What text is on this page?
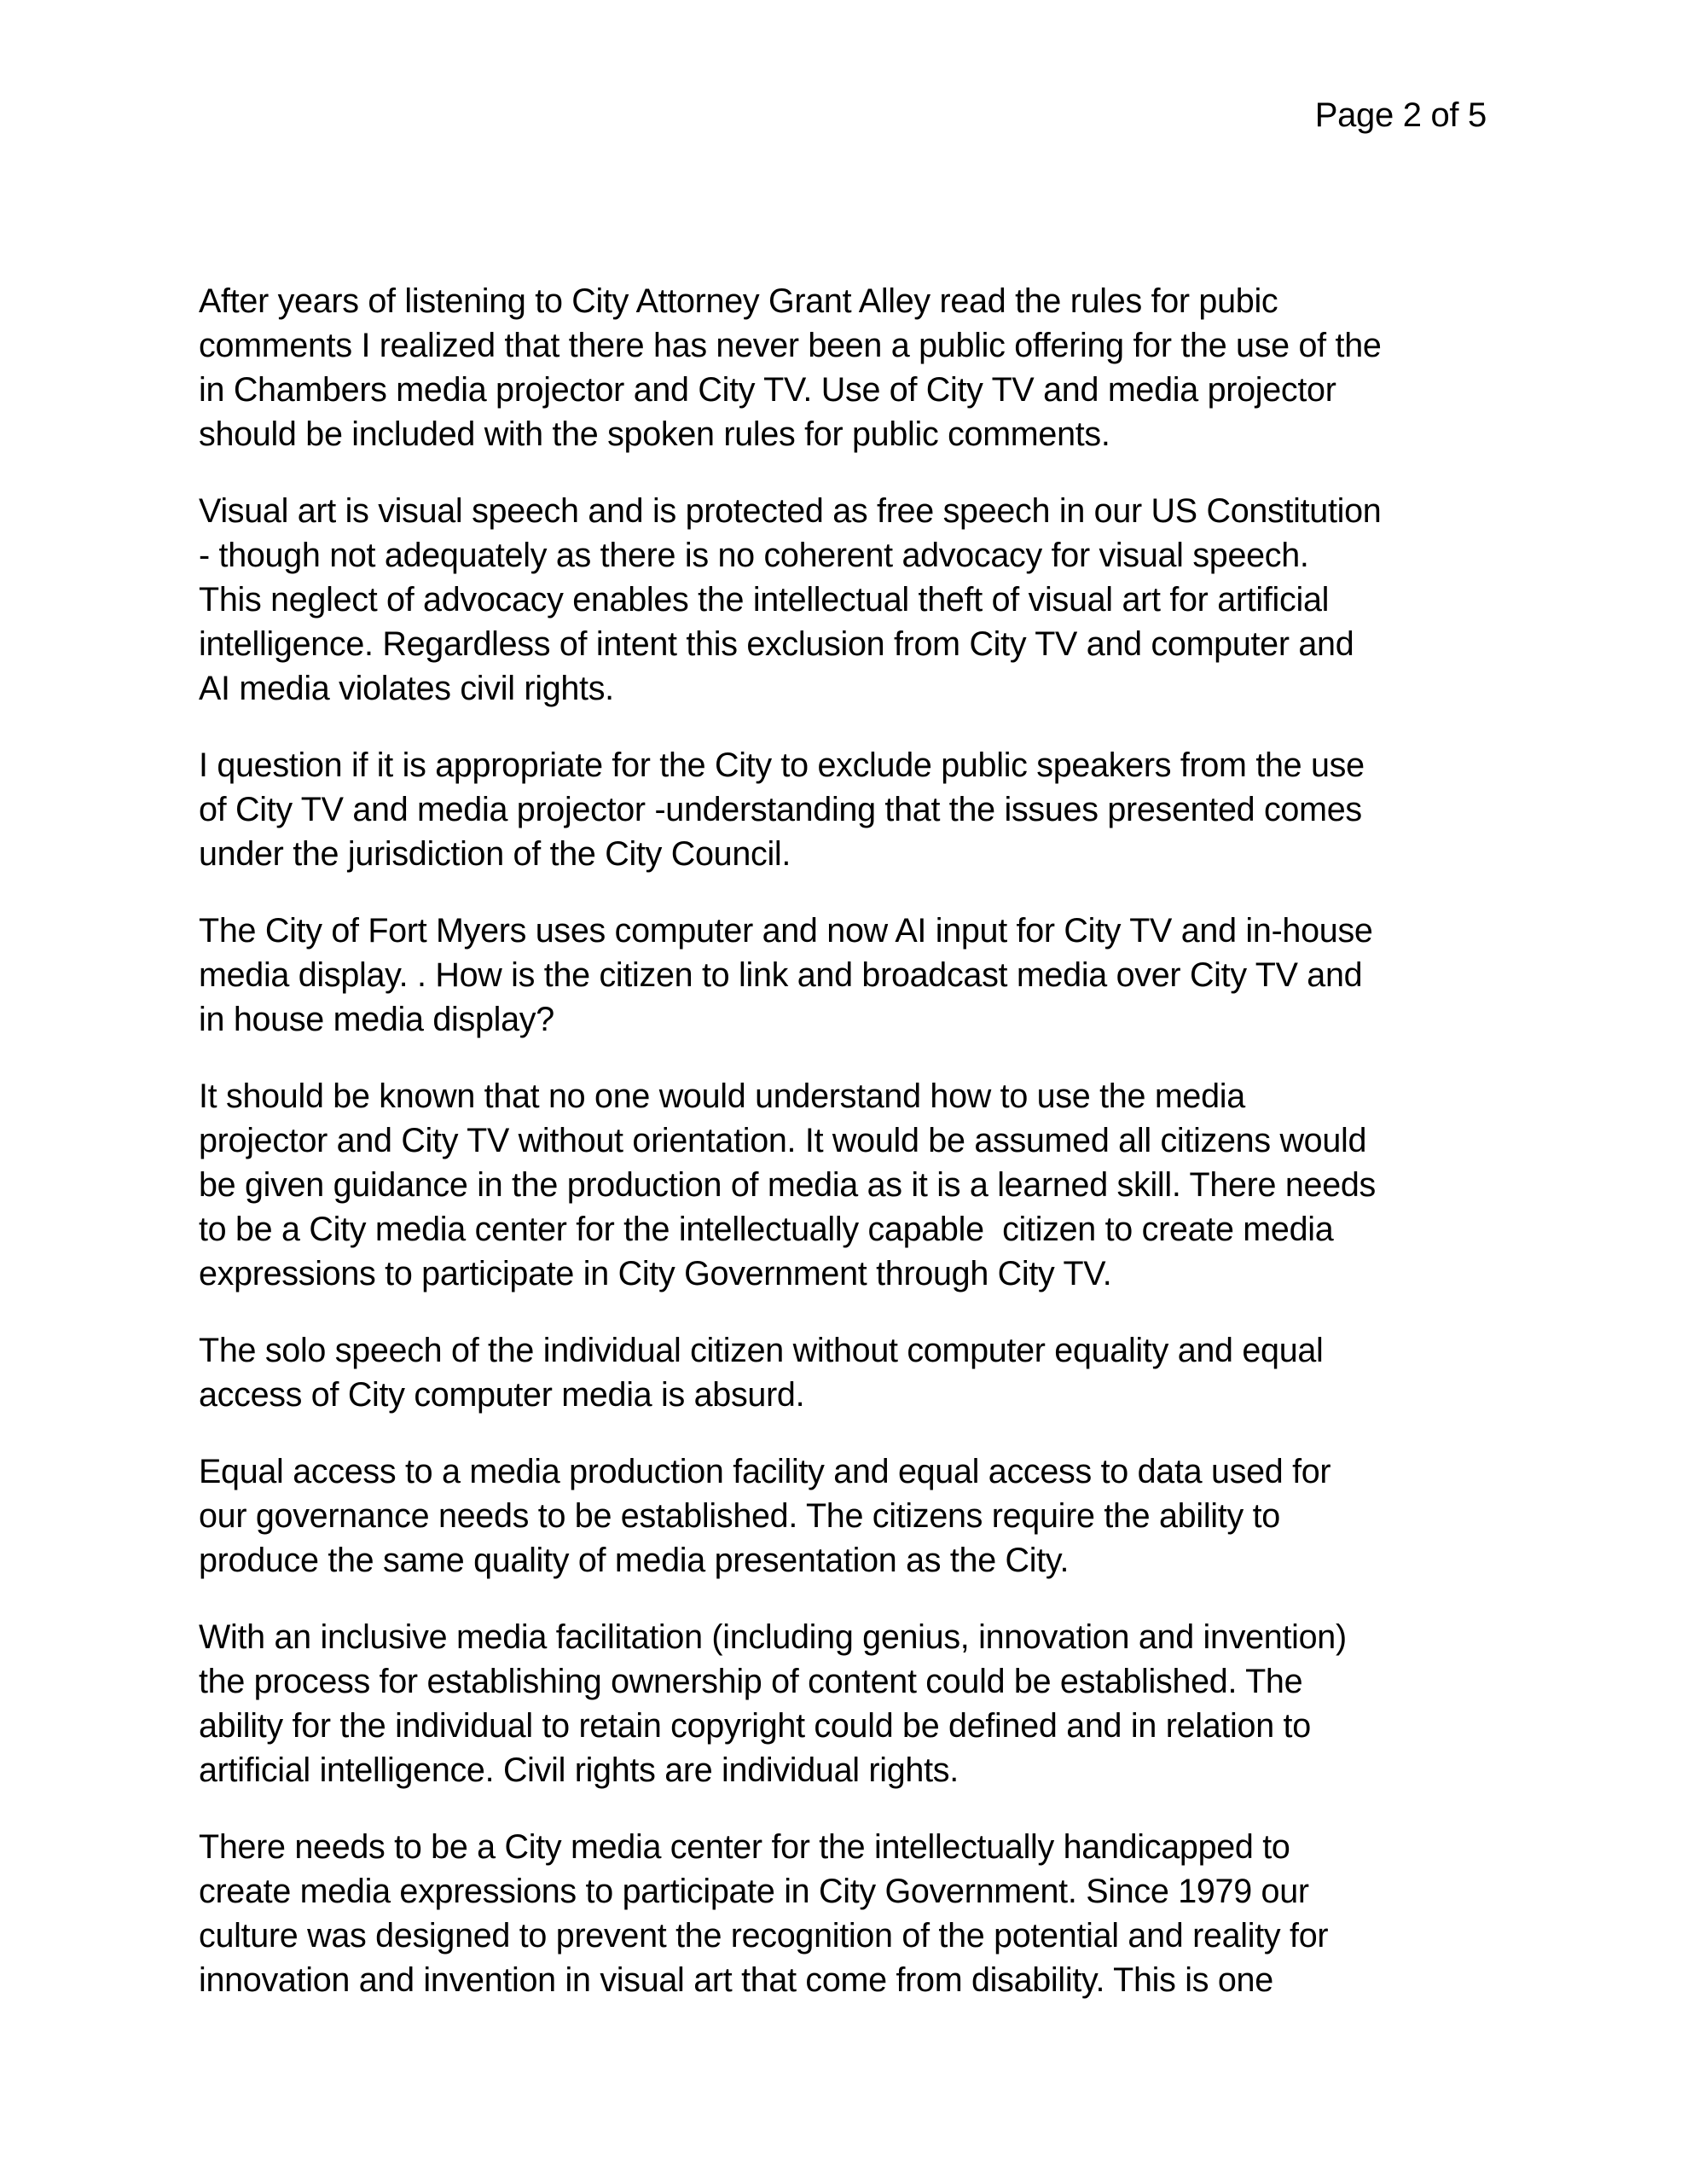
Page 2 of 5

After years of listening to City Attorney Grant Alley read the rules for pubic
comments I realized that there has never been a public offering for the use of the
in Chambers media projector and City TV. Use of City TV and media projector
should be included with the spoken rules for public comments.

Visual art is visual speech and is protected as free speech in our US Constitution
- though not adequately as there is no coherent advocacy for visual speech.
This neglect of advocacy enables the intellectual theft of visual art for artificial
intelligence. Regardless of intent this exclusion from City TV and computer and
AI media violates civil rights.

I question if it is appropriate for the City to exclude public speakers from the use
of City TV and media projector -understanding that the issues presented comes
under the jurisdiction of the City Council.

The City of Fort Myers uses computer and now AI input for City TV and in-house
media display. . How is the citizen to link and broadcast media over City TV and
in house media display?

It should be known that no one would understand how to use the media
projector and City TV without orientation. It would be assumed all citizens would
be given guidance in the production of media as it is a learned skill. There needs
to be a City media center for the intellectually capable  citizen to create media
expressions to participate in City Government through City TV.

The solo speech of the individual citizen without computer equality and equal
access of City computer media is absurd.

Equal access to a media production facility and equal access to data used for
our governance needs to be established. The citizens require the ability to
produce the same quality of media presentation as the City.

With an inclusive media facilitation (including genius, innovation and invention)
the process for establishing ownership of content could be established. The
ability for the individual to retain copyright could be defined and in relation to
artificial intelligence. Civil rights are individual rights.

There needs to be a City media center for the intellectually handicapped to
create media expressions to participate in City Government. Since 1979 our
culture was designed to prevent the recognition of the potential and reality for
innovation and invention in visual art that come from disability. This is one
